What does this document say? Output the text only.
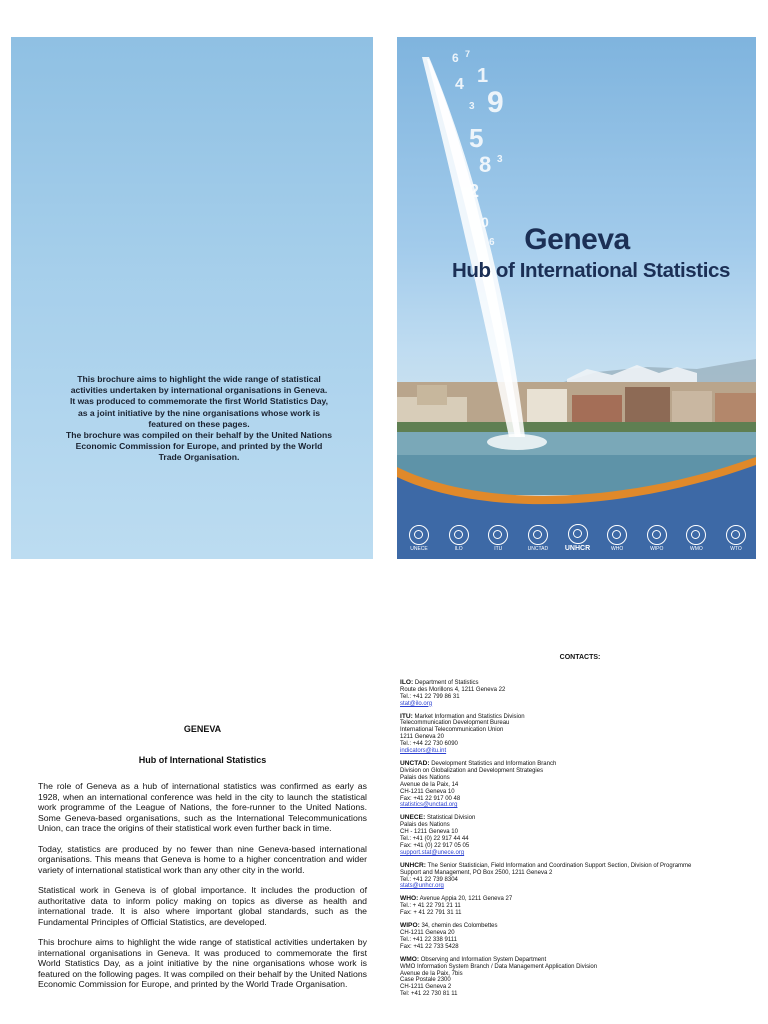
This brochure aims to highlight the wide range of statistical

activities undertaken by international organisations in Geneva.

It was produced to commemorate the first World Statistics Day,

as a joint initiative by the nine organisations whose work is

featured on these pages.

The brochure was compiled on their behalf by the United Nations

Economic Commission for Europe, and printed by the World

Trade Organisation.

6 7
4 1
9
3
5
8 3
7
2
0
6 Geneva
Hub of International Statistics
UNECE	ILO	ITU	UNCTAD UNHCR	WHO	WIPO	WMO	WTO
GENEVA
Hub of International Statistics

The role of Geneva as a hub of international statistics was confirmed as early as 1928, when an international conference was held in the city to launch the statistical work programme of the League of Nations, the fore-runner to the United Nations. Some Geneva-based organisations, such as the International Telecommunications Union, can trace the origins of their statistical work even further back in time.

Today, statistics are produced by no fewer than nine Geneva-based international organisations. This means that Geneva is home to a higher concentration and wider variety of international statistical work than any other city in the world.

Statistical work in Geneva is of global importance. It includes the production of authoritative data to inform policy making on topics as diverse as health and international trade. It is also where important global standards, such as the Fundamental Principles of Official Statistics, are developed.

This brochure aims to highlight the wide range of statistical activities undertaken by international organisations in Geneva. It was produced to commemorate the first World Statistics Day, as a joint initiative by the nine organisations whose work is featured on the following pages. It was compiled on their behalf by the United Nations Economic Commission for Europe, and printed by the World Trade Organisation.

CONTACTS:
ILO: Department of Statistics
Route des Morillons 4, 1211 Geneva 22
Tel.: +41 22 799 86 31
stat@ilo.org
ITU: Market Information and Statistics Division
Telecommunication Development Bureau
International Telecommunication Union
1211 Geneva 20
Tel.: +44 22 730 6090
indicators@itu.int
UNCTAD: Development Statistics and Information Branch
Division on Globalization and Development Strategies
Palais des Nations
Avenue de la Paix, 14
CH-1211 Geneva 10
Fax: +41 22 917 00 48
statistics@unctad.org
UNECE: Statistical Division
Palais des Nations
CH - 1211 Geneva 10
Tel.: +41 (0) 22 917 44 44
Fax: +41 (0) 22 917 05 05
support.stat@unece.org
UNHCR: The Senior Statistician, Field Information and Coordination Support Section, Division of Programme
Support and Management, PO Box 2500, 1211 Geneva 2
Tel.: +41 22 739 8304
stats@unhcr.org
WHO: Avenue Appia 20, 1211 Geneva 27
Tel.: + 41 22 791 21 11
Fax: + 41 22 791 31 11
WIPO: 34, chemin des Colombettes
CH-1211 Geneva 20
Tel.: +41 22 338 9111
Fax: +41 22 733 5428
WMO: Observing and Information System Department
WMO Information System Branch / Data Management Application Division
Avenue de la Paix, 7bis
Case Postale 2300
CH-1211 Geneva 2
Tel: +41 22 730 81 11
